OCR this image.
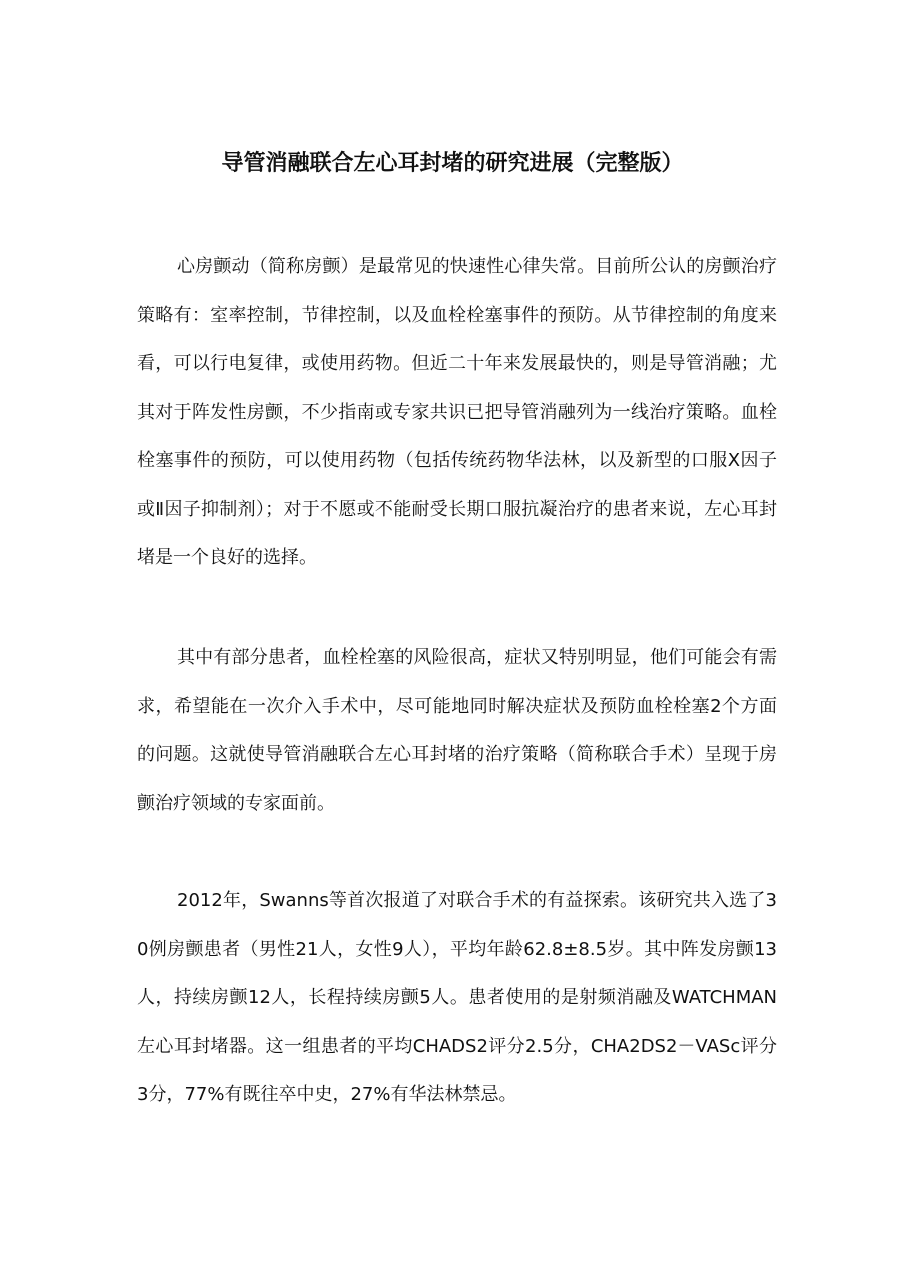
导管消融联合左心耳封堵的研究进展（完整版）

心房颤动（简称房颤）是最常见的快速性心律失常。目前所公认的房颤治疗策略有：室率控制，节律控制，以及血栓栓塞事件的预防。从节律控制的角度来看，可以行电复律，或使用药物。但近二十年来发展最快的，则是导管消融；尤其对于阵发性房颤，不少指南或专家共识已把导管消融列为一线治疗策略。血栓栓塞事件的预防，可以使用药物（包括传统药物华法林，以及新型的口服Ⅹ因子或Ⅱ因子抑制剂）；对于不愿或不能耐受长期口服抗凝治疗的患者来说，左心耳封堵是一个良好的选择。

其中有部分患者，血栓栓塞的风险很高，症状又特别明显，他们可能会有需求，希望能在一次介入手术中，尽可能地同时解决症状及预防血栓栓塞2个方面的问题。这就使导管消融联合左心耳封堵的治疗策略（简称联合手术）呈现于房颤治疗领域的专家面前。

2012年，Swanns等首次报道了对联合手术的有益探索。该研究共入选了30例房颤患者（男性21人，女性9人），平均年龄62.8±8.5岁。其中阵发房颤13人，持续房颤12人，长程持续房颤5人。患者使用的是射频消融及WATCHMAN左心耳封堵器。这一组患者的平均CHADS2评分2.5分，CHA2DS2－VASc评分3分，77%有既往卒中史，27%有华法林禁忌。
